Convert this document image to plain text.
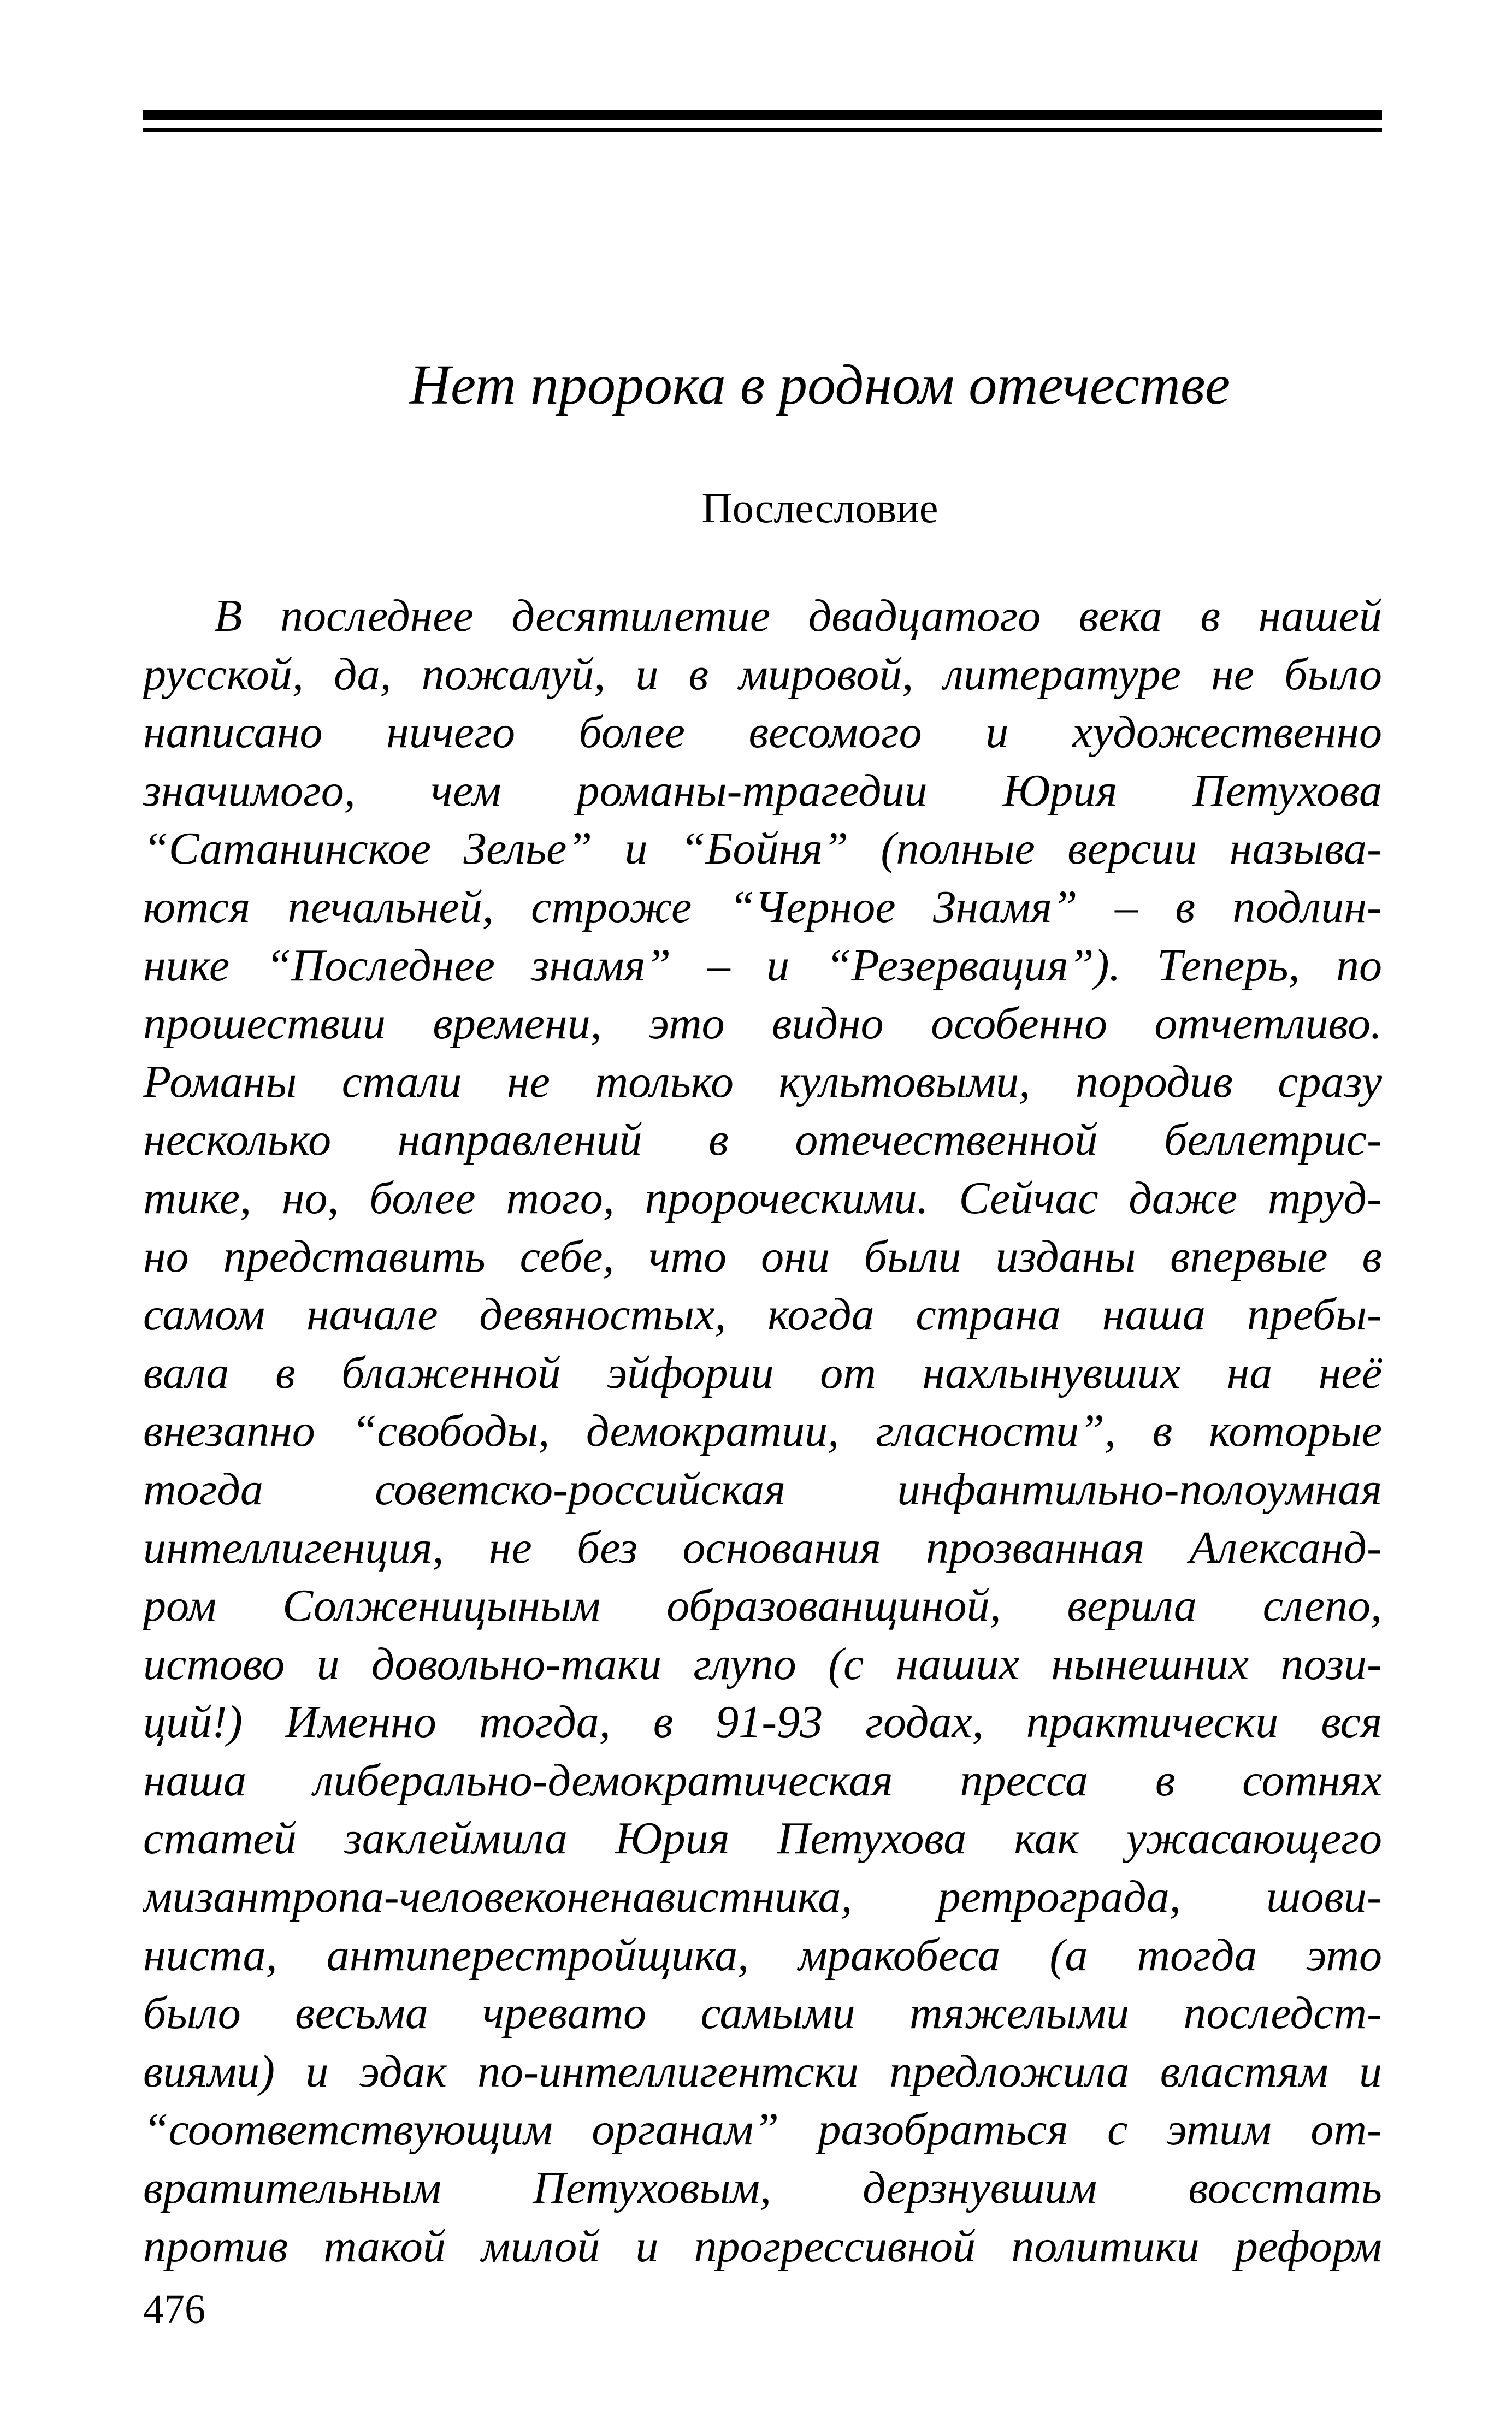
Нет пророка в родном отечестве
Послесловие
В последнее десятилетие двадцатого века в нашей
русской, да, пожалуй, и в мировой, литературе не было
написано ничего более весомого и художественно
значимого, чем романы-трагедии Юрия Петухова
“Сатанинское Зелье” и “Бойня” (полные версии называ-
ются печальней, строже “Черное Знамя” – в подлин-
нике “Последнее знамя” – и “Резервация”). Теперь, по
прошествии времени, это видно особенно отчетливо.
Романы стали не только культовыми, породив сразу
несколько направлений в отечественной беллетрис-
тике, но, более того, пророческими. Сейчас даже труд-
но представить себе, что они были изданы впервые в
самом начале девяностых, когда страна наша пребы-
вала в блаженной эйфории от нахлынувших на неё
внезапно “свободы, демократии, гласности”, в которые
тогда советско-российская инфантильно-полоумная
интеллигенция, не без основания прозванная Александ-
ром Солженицыным образованщиной, верила слепо,
истово и довольно-таки глупо (с наших нынешних пози-
ций!) Именно тогда, в 91-93 годах, практически вся
наша либерально-демократическая пресса в сотнях
статей заклеймила Юрия Петухова как ужасающего
мизантропа-человеконенавистника, ретрограда, шови-
ниста, антиперестройщика, мракобеса (а тогда это
было весьма чревато самыми тяжелыми последст-
виями) и эдак по-интеллигентски предложила властям и
“соответствующим органам” разобраться с этим от-
вратительным Петуховым, дерзнувшим восстать
против такой милой и прогрессивной политики реформ
476
